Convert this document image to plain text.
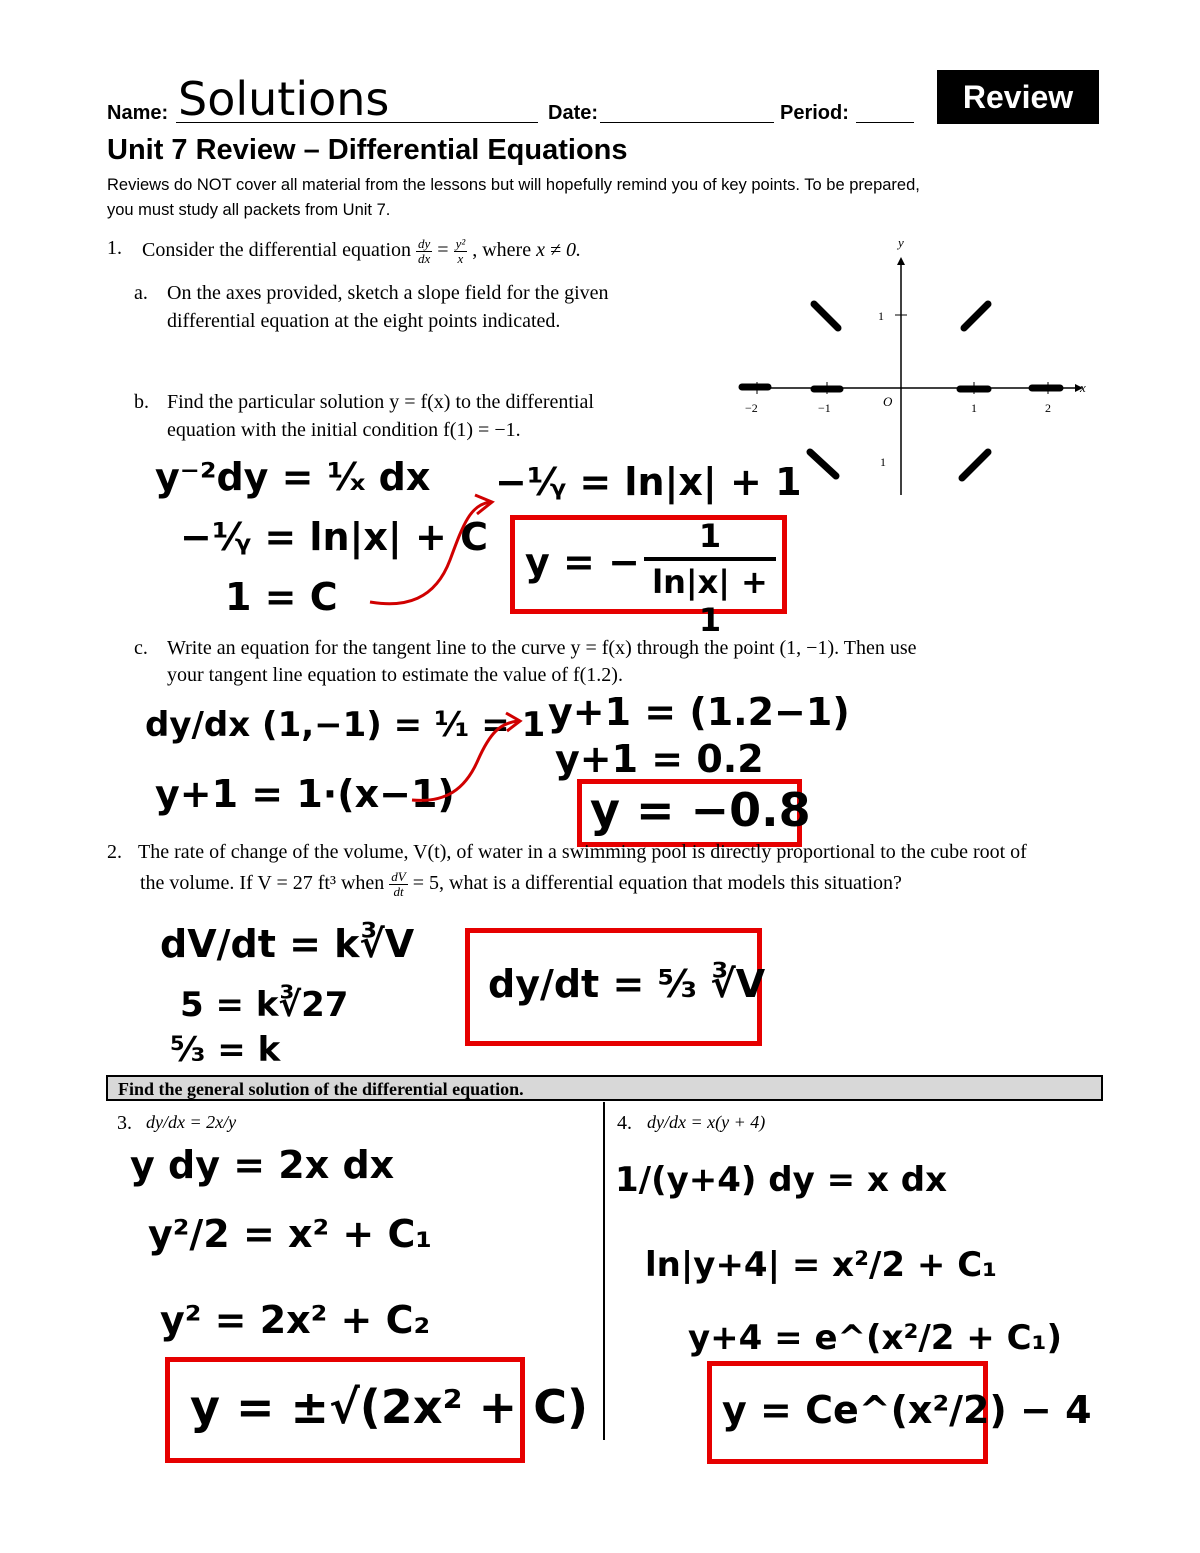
Name: Solutions	Date:	Period:	Review
Unit 7 Review – Differential Equations
Reviews do NOT cover all material from the lessons but will hopefully remind you of key points. To be prepared,
you must study all packets from Unit 7.
1. Consider the differential equation $\frac{dy}{dx} = \frac{\text{y²}}{x}$ , where x ≠ 0.
a. On the axes provided, sketch a slope field for the given
differential equation at the eight points indicated.
b. Find the particular solution y = f(x) to the differential
equation with the initial condition f(1) = −1.
y
x
O
−2	−1	1	2
1
1
y⁻²dy = ¹⁄ₓ dx
−¹⁄ᵧ = ln|x| + C
1 = C
−¹⁄ᵧ = ln|x| + 1
y = −
1
ln|x| + 1
c. Write an equation for the tangent line to the curve y = f(x) through the point (1, −1). Then use
your tangent line equation to estimate the value of f(1.2).
dy/dx (1,−1) = ¹⁄₁ = 1
y+1 = 1·(x−1)
y+1 = (1.2−1)
y+1 = 0.2
y = −0.8
2. The rate of change of the volume, V(t), of water in a swimming pool is directly proportional to the cube root of
the volume. If V = 27 ft³ when $\frac{dV}{dt} = 5$, what is a differential equation that models this situation?
dV/dt = k∛V
5 = k∛27
⁵⁄₃ = k
dy/dt = ⁵⁄₃ ∛V
Find the general solution of the differential equation.
3. dy/dx = 2x/y
y dy = 2x dx
y²/2 = x² + C₁
y² = 2x² + C₂
y = ±√(2x² + C)
4. dy/dx = x(y + 4)
1/(y+4) dy = x dx
ln|y+4| = x²/2 + C₁
y+4 = e^(x²/2 + C₁)
y = Ce^(x²/2) − 4
